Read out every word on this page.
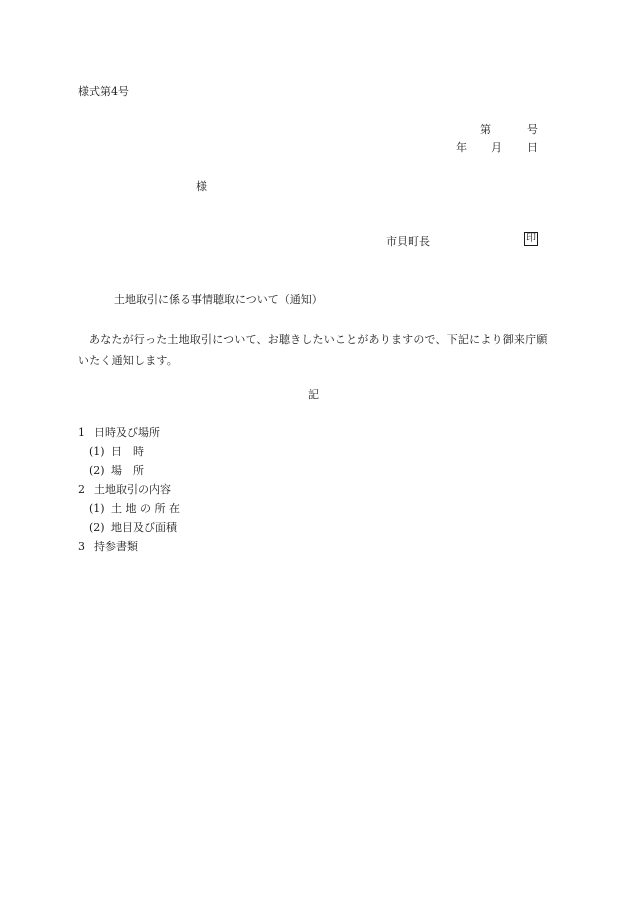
様式第4号
第	号
年 月 日
様
市貝町長	印
土地取引に係る事情聴取について（通知）
あなたが行った土地取引について、お聴きしたいことがありますので、下記により御来庁願いたく通知します。
記
1 日時及び場所
(1) 日　時
(2) 場　所
2 土地取引の内容
(1) 土 地 の 所 在
(2) 地目及び面積
3 持参書類
